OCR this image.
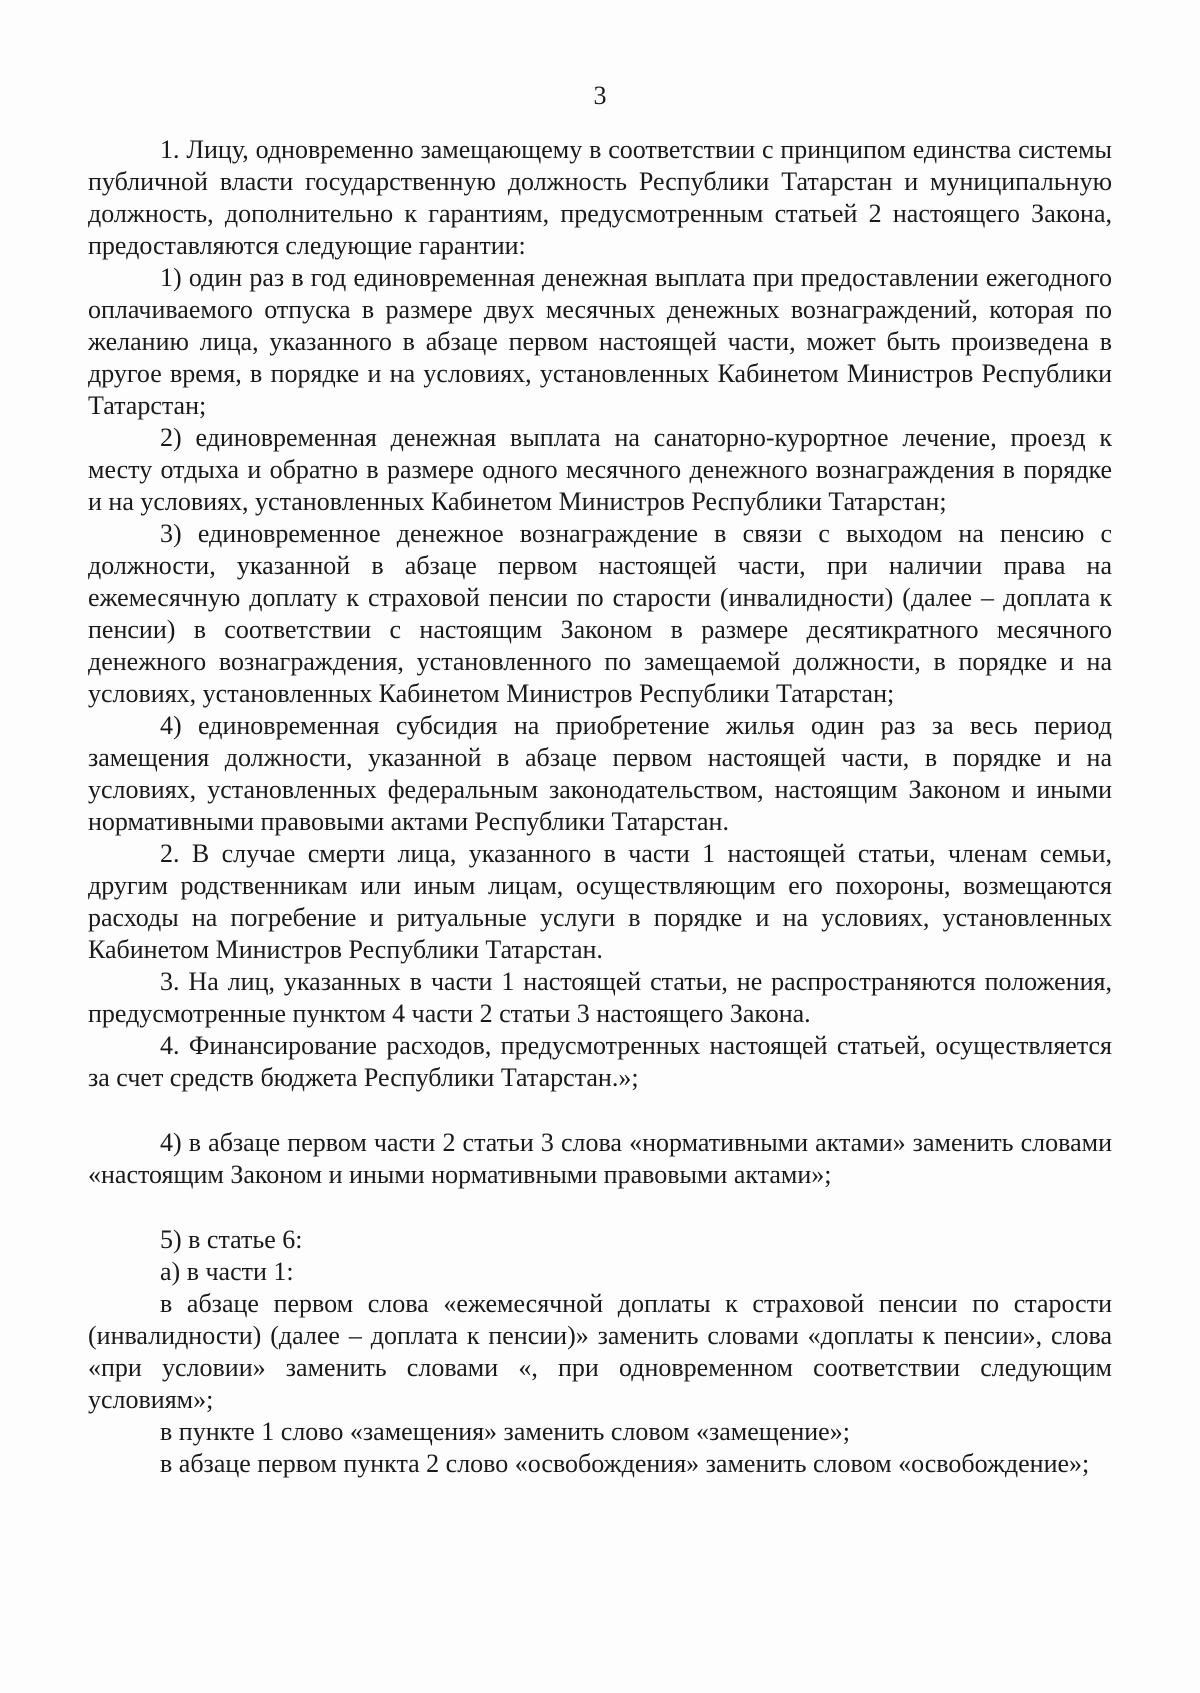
3

1. Лицу, одновременно замещающему в соответствии с принципом единства системы публичной власти государственную должность Республики Татарстан и муниципальную должность, дополнительно к гарантиям, предусмотренным статьей 2 настоящего Закона, предоставляются следующие гарантии:

1) один раз в год единовременная денежная выплата при предоставлении ежегодного оплачиваемого отпуска в размере двух месячных денежных вознаграждений, которая по желанию лица, указанного в абзаце первом настоящей части, может быть произведена в другое время, в порядке и на условиях, установленных Кабинетом Министров Республики Татарстан;

2) единовременная денежная выплата на санаторно-курортное лечение, проезд к месту отдыха и обратно в размере одного месячного денежного вознаграждения в порядке и на условиях, установленных Кабинетом Министров Республики Татарстан;

3) единовременное денежное вознаграждение в связи с выходом на пенсию с должности, указанной в абзаце первом настоящей части, при наличии права на ежемесячную доплату к страховой пенсии по старости (инвалидности) (далее – доплата к пенсии) в соответствии с настоящим Законом в размере десятикратного месячного денежного вознаграждения, установленного по замещаемой должности, в порядке и на условиях, установленных Кабинетом Министров Республики Татарстан;

4) единовременная субсидия на приобретение жилья один раз за весь период замещения должности, указанной в абзаце первом настоящей части, в порядке и на условиях, установленных федеральным законодательством, настоящим Законом и иными нормативными правовыми актами Республики Татарстан.

2. В случае смерти лица, указанного в части 1 настоящей статьи, членам семьи, другим родственникам или иным лицам, осуществляющим его похороны, возмещаются расходы на погребение и ритуальные услуги в порядке и на условиях, установленных Кабинетом Министров Республики Татарстан.

3. На лиц, указанных в части 1 настоящей статьи, не распространяются положения, предусмотренные пунктом 4 части 2 статьи 3 настоящего Закона.

4. Финансирование расходов, предусмотренных настоящей статьей, осуществляется за счет средств бюджета Республики Татарстан.»;

4) в абзаце первом части 2 статьи 3 слова «нормативными актами» заменить словами «настоящим Законом и иными нормативными правовыми актами»;

5) в статье 6:

а) в части 1:

в абзаце первом слова «ежемесячной доплаты к страховой пенсии по старости (инвалидности) (далее – доплата к пенсии)» заменить словами «доплаты к пенсии», слова «при условии» заменить словами «, при одновременном соответствии следующим условиям»;

в пункте 1 слово «замещения» заменить словом «замещение»;

в абзаце первом пункта 2 слово «освобождения» заменить словом «освобождение»;
